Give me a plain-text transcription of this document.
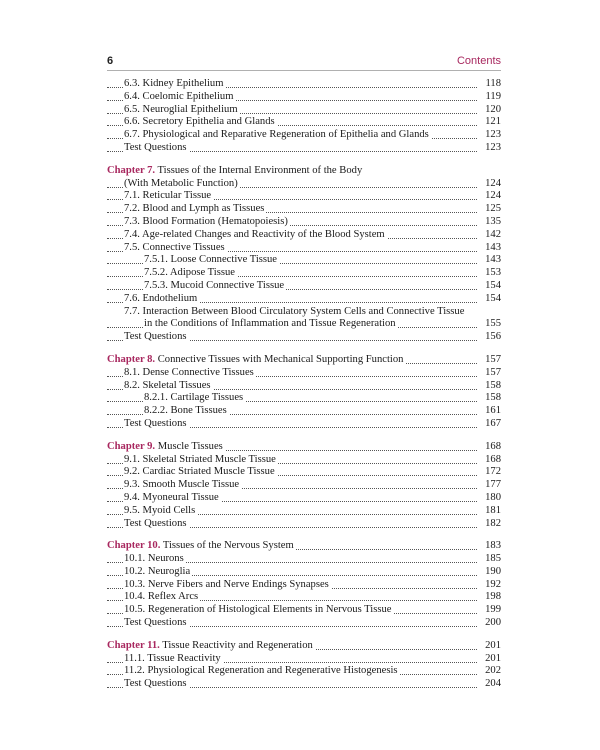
6	Contents
6.3. Kidney Epithelium	118
6.4. Coelomic Epithelium	119
6.5. Neuroglial Epithelium	120
6.6. Secretory Epithelia and Glands	121
6.7. Physiological and Reparative Regeneration of Epithelia and Glands	123
Test Questions	123
Chapter 7. Tissues of the Internal Environment of the Body
(With Metabolic Function)	124
7.1. Reticular Tissue	124
7.2. Blood and Lymph as Tissues	125
7.3. Blood Formation (Hematopoiesis)	135
7.4. Age-related Changes and Reactivity of the Blood System	142
7.5. Connective Tissues	143
7.5.1. Loose Connective Tissue	143
7.5.2. Adipose Tissue	153
7.5.3. Mucoid Connective Tissue	154
7.6. Endothelium	154
7.7. Interaction Between Blood Circulatory System Cells and Connective Tissue
in the Conditions of Inflammation and Tissue Regeneration	155
Test Questions	156
Chapter 8. Connective Tissues with Mechanical Supporting Function	157
8.1. Dense Connective Tissues	157
8.2. Skeletal Tissues	158
8.2.1. Cartilage Tissues	158
8.2.2. Bone Tissues	161
Test Questions	167
Chapter 9. Muscle Tissues	168
9.1. Skeletal Striated Muscle Tissue	168
9.2. Cardiac Striated Muscle Tissue	172
9.3. Smooth Muscle Tissue	177
9.4. Myoneural Tissue	180
9.5. Myoid Cells	181
Test Questions	182
Chapter 10. Tissues of the Nervous System	183
10.1. Neurons	185
10.2. Neuroglia	190
10.3. Nerve Fibers and Nerve Endings Synapses	192
10.4. Reflex Arcs	198
10.5. Regeneration of Histological Elements in Nervous Tissue	199
Test Questions	200
Chapter 11. Tissue Reactivity and Regeneration	201
11.1. Tissue Reactivity	201
11.2. Physiological Regeneration and Regenerative Histogenesis	202
Test Questions	204
